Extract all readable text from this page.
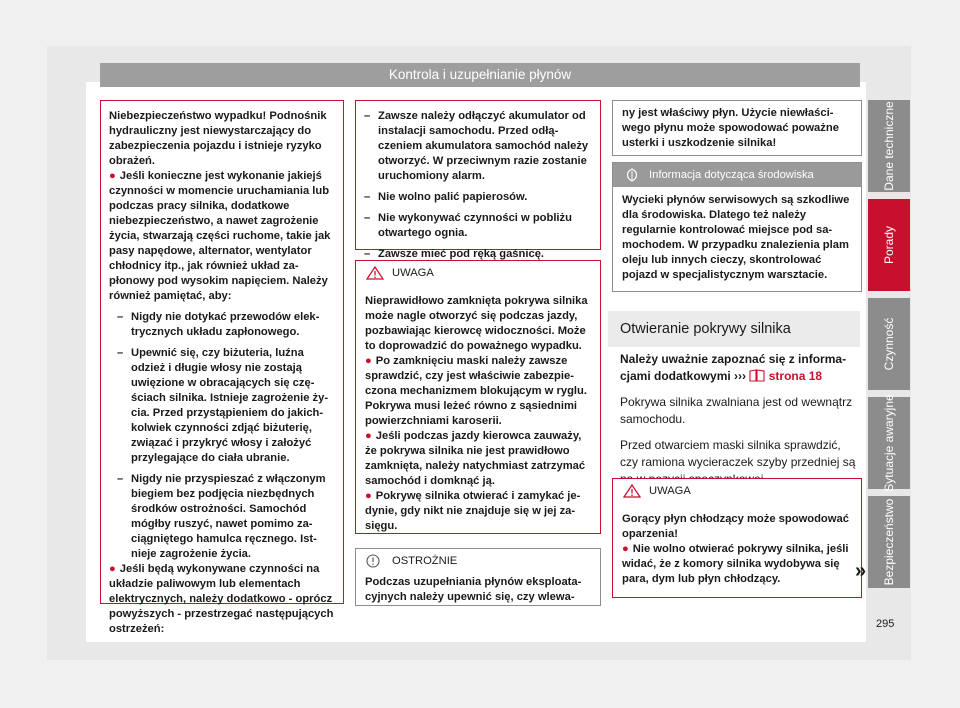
Kontrola i uzupełnianie płynów

Niebezpieczeństwo wypadku! Podnośnik hydrauliczny jest niewystarczający do zabezpieczenia pojazdu i istnieje ryzyko obrażeń.

● Jeśli konieczne jest wykonanie jakiejś czynności w momencie uruchamiania lub podczas pracy silnika, dodatkowe niebezpieczeństwo, a nawet zagrożenie życia, stwarzają części ruchome, takie jak pasy napędowe, alternator, wentylator chłodnicy itp., jak również układ zapłonowy pod wysokim napięciem. Należy również pamiętać, aby:

– Nigdy nie dotykać przewodów elektrycznych układu zapłonowego.
– Upewnić się, czy biżuteria, luźna odzież i długie włosy nie zostają uwięzione w obracających się częściach silnika. Istnieje zagrożenie życia. Przed przystąpieniem do jakichkolwiek czynności zdjąć biżuterię, związać i przykryć włosy i założyć przylegające do ciała ubranie.
– Nigdy nie przyspieszać z włączonym biegiem bez podjęcia niezbędnych środków ostrożności. Samochód mógłby ruszyć, nawet pomimo zaciągniętego hamulca ręcznego. Istnieje zagrożenie życia.

● Jeśli będą wykonywane czynności na układzie paliwowym lub elementach elektrycznych, należy dodatkowo - oprócz powyższych - przestrzegać następujących ostrzeżeń:

– Zawsze należy odłączyć akumulator od instalacji samochodu. Przed odłączeniem akumulatora samochód należy otworzyć. W przeciwnym razie zostanie uruchomiony alarm.
– Nie wolno palić papierosów.
– Nie wykonywać czynności w pobliżu otwartego ognia.
– Zawsze mieć pod ręką gaśnicę.
UWAGA

Nieprawidłowo zamknięta pokrywa silnika może nagle otworzyć się podczas jazdy, pozbawiając kierowcę widoczności. Może to doprowadzić do poważnego wypadku.

● Po zamknięciu maski należy zawsze sprawdzić, czy jest właściwie zabezpieczona mechanizmem blokującym w ryglu. Pokrywa musi leżeć równo z sąsiednimi powierzchniami karoserii.

● Jeśli podczas jazdy kierowca zauważy, że pokrywa silnika nie jest prawidłowo zamknięta, należy natychmiast zatrzymać samochód i domknąć ją.

● Pokrywę silnika otwierać i zamykać jedynie, gdy nikt nie znajduje się w jej zasięgu.

OSTROŻNIE

Podczas uzupełniania płynów eksploatacyjnych należy upewnić się, czy wlewa-

ny jest właściwy płyn. Użycie niewłaściwego płynu może spowodować poważne usterki i uszkodzenie silnika!

Informacja dotycząca środowiska

Wycieki płynów serwisowych są szkodliwe dla środowiska. Dlatego też należy regularnie kontrolować miejsce pod samochodem. W przypadku znalezienia plam oleju lub innych cieczy, skontrolować pojazd w specjalistycznym warsztacie.

Otwieranie pokrywy silnika

Należy uważnie zapoznać się z informacjami dodatkowymi ››› strona 18

Pokrywa silnika zwalniana jest od wewnątrz samochodu.

Przed otwarciem maski silnika sprawdzić, czy ramiona wycieraczek szyby przedniej są

UWAGA

Gorący płyn chłodzący może spowodować oparzenia!

● Nie wolno otwierać pokrywy silnika, jeśli widać, że z komory silnika wydobywa się para, dym lub płyn chłodzący.	»
Dane techniczne
Porady
Czynność
Sytuacje awaryjne
Bezpieczeństwo
295
